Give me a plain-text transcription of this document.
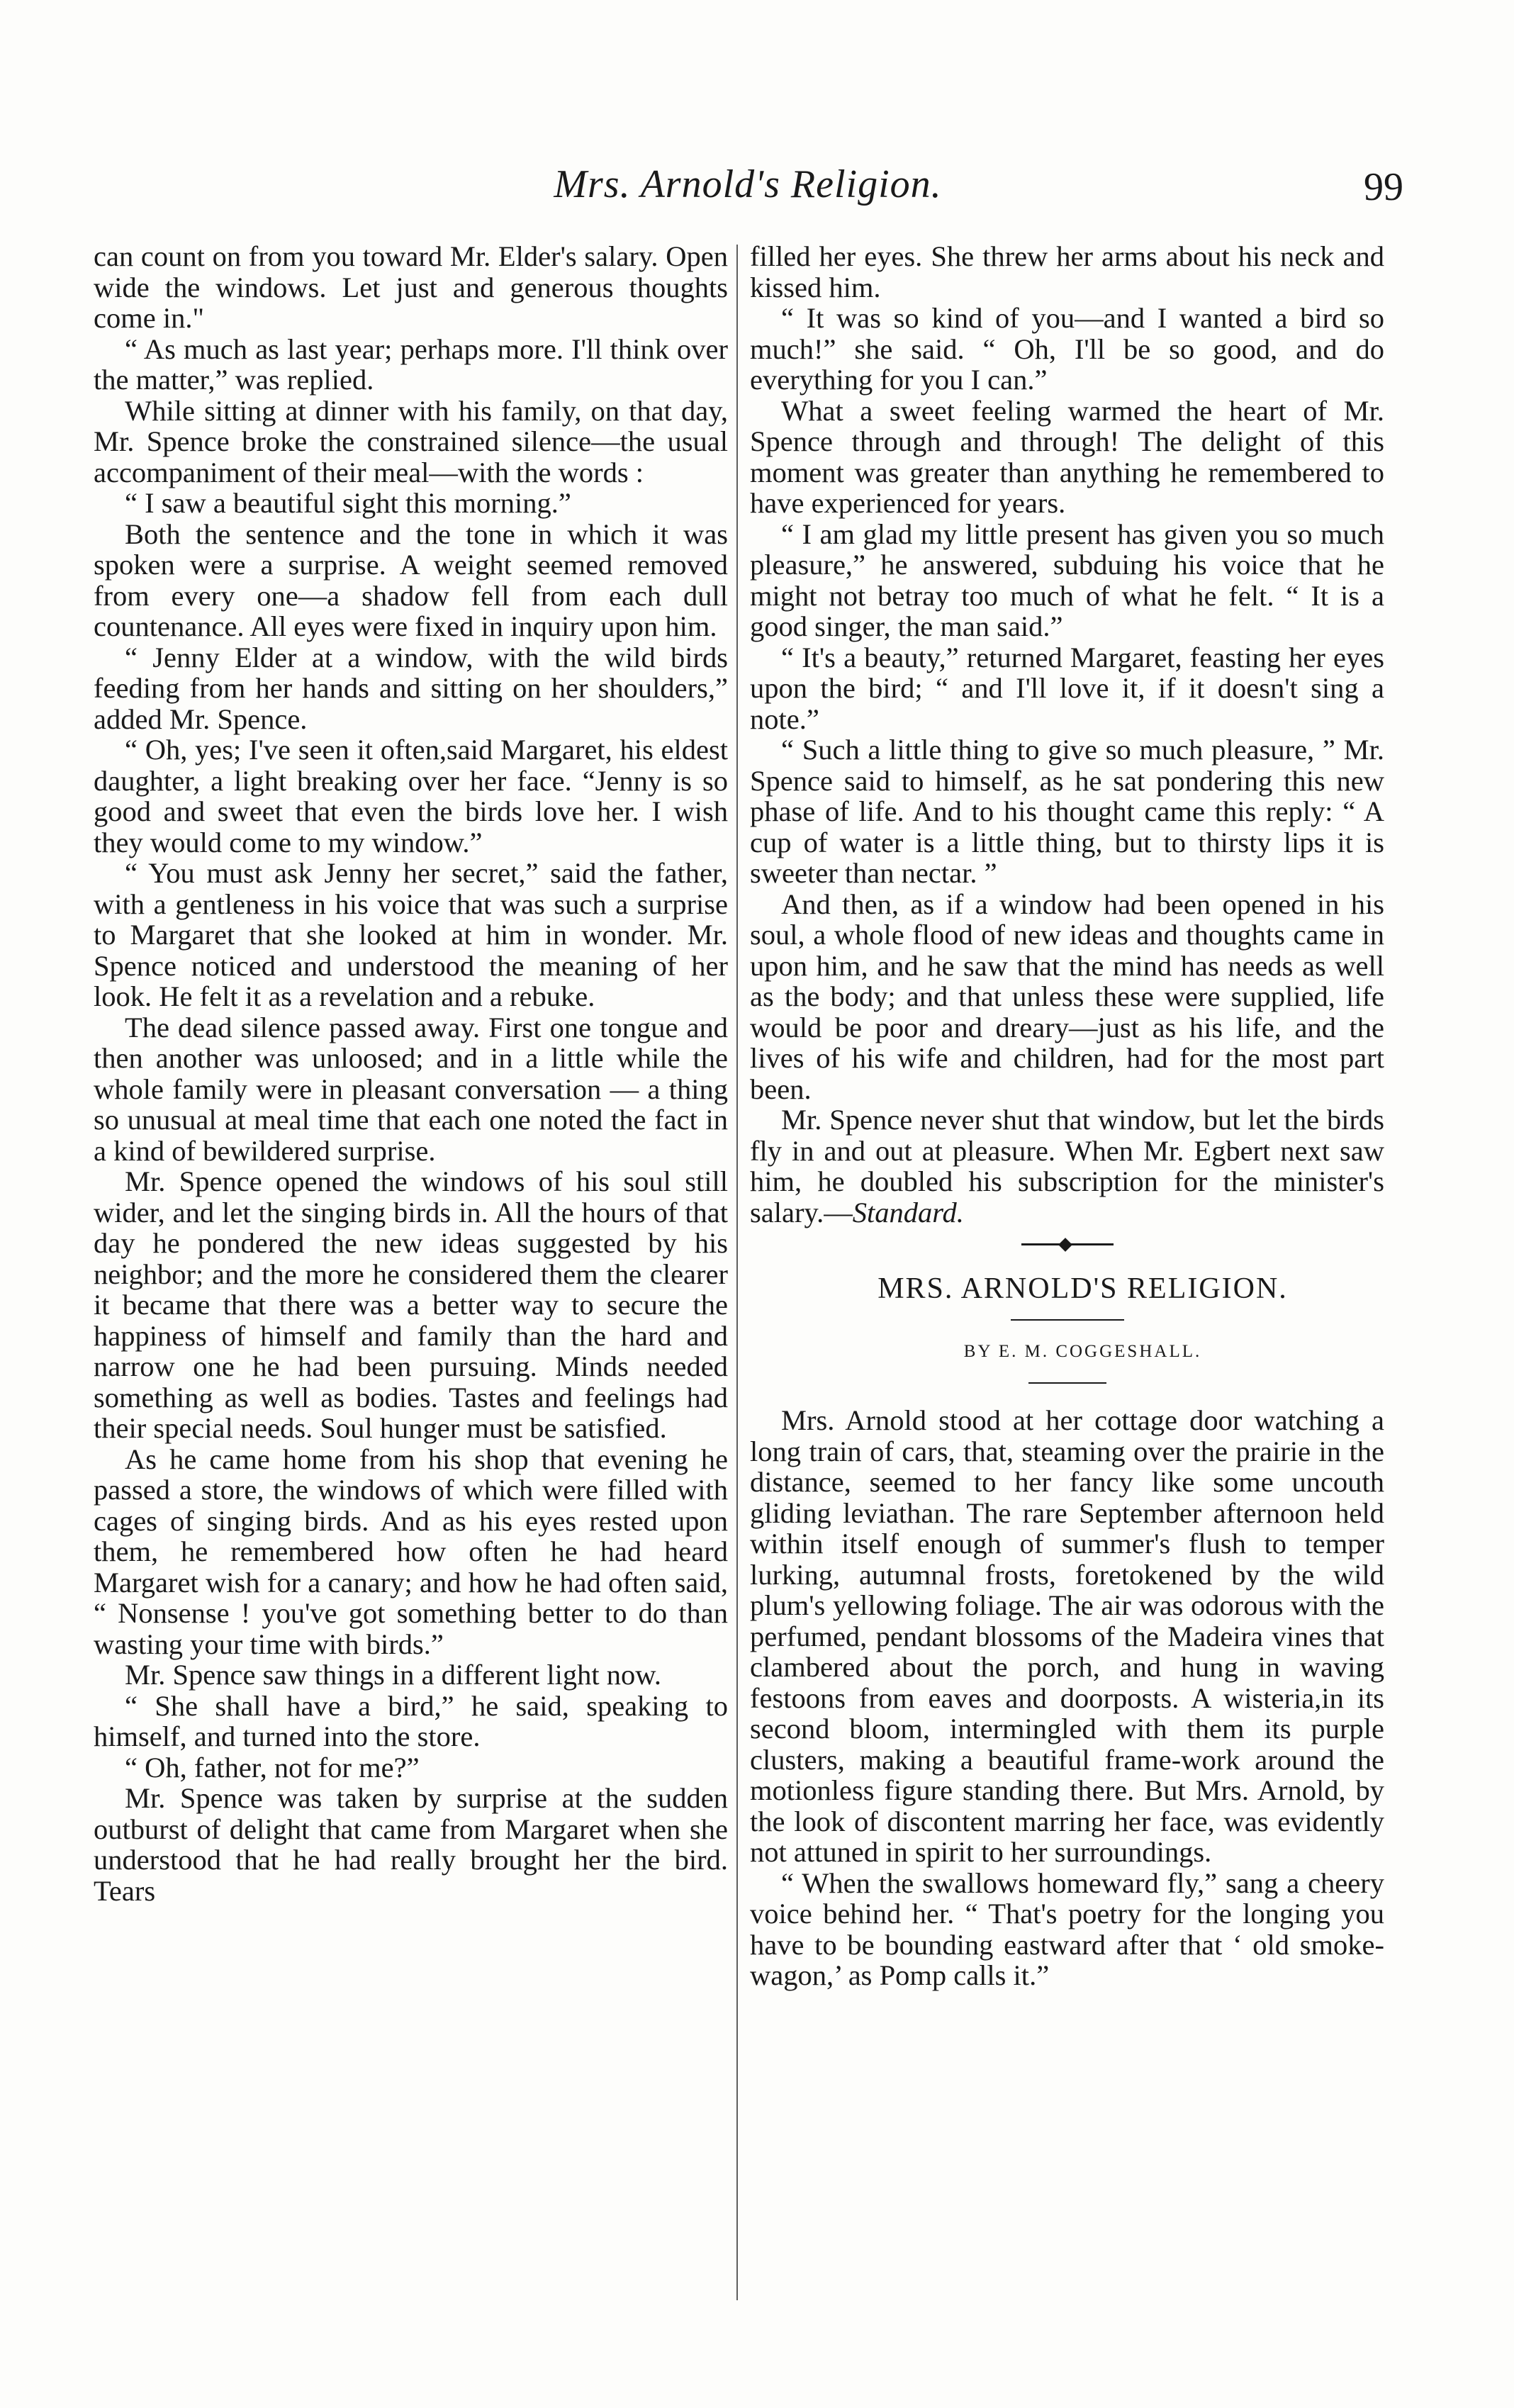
Mrs. Arnold's Religion.	99

can count on from you toward Mr. Elder's salary. Open wide the windows. Let just and generous thoughts come in."

“ As much as last year; perhaps more. I'll think over the matter,” was replied.

While sitting at dinner with his family, on that day, Mr. Spence broke the constrained silence—the usual accompaniment of their meal—with the words :

“ I saw a beautiful sight this morning.”

Both the sentence and the tone in which it was spoken were a surprise. A weight seemed removed from every one—a shadow fell from each dull countenance. All eyes were fixed in inquiry upon him.

“ Jenny Elder at a window, with the wild birds feeding from her hands and sitting on her shoulders,” added Mr. Spence.

“ Oh, yes; I've seen it often,said Margaret, his eldest daughter, a light breaking over her face. “Jenny is so good and sweet that even the birds love her. I wish they would come to my window.”

“ You must ask Jenny her secret,” said the father, with a gentleness in his voice that was such a surprise to Margaret that she looked at him in wonder. Mr. Spence noticed and understood the meaning of her look. He felt it as a revelation and a rebuke.

The dead silence passed away. First one tongue and then another was unloosed; and in a little while the whole family were in pleasant conversation — a thing so unusual at meal time that each one noted the fact in a kind of bewildered surprise.

Mr. Spence opened the windows of his soul still wider, and let the singing birds in. All the hours of that day he pondered the new ideas suggested by his neighbor; and the more he considered them the clearer it became that there was a better way to secure the happiness of himself and family than the hard and narrow one he had been pursuing. Minds needed something as well as bodies. Tastes and feelings had their special needs. Soul hunger must be satisfied.

As he came home from his shop that evening he passed a store, the windows of which were filled with cages of singing birds. And as his eyes rested upon them, he remembered how often he had heard Margaret wish for a canary; and how he had often said, “ Nonsense ! you've got something better to do than wasting your time with birds.”

Mr. Spence saw things in a different light now.

“ She shall have a bird,” he said, speaking to himself, and turned into the store.

“ Oh, father, not for me?”

Mr. Spence was taken by surprise at the sudden outburst of delight that came from Margaret when she understood that he had really brought her the bird. Tears

filled her eyes. She threw her arms about his neck and kissed him.

“ It was so kind of you—and I wanted a bird so much!” she said. “ Oh, I'll be so good, and do everything for you I can.”

What a sweet feeling warmed the heart of Mr. Spence through and through! The delight of this moment was greater than anything he remembered to have experienced for years.

“ I am glad my little present has given you so much pleasure,” he answered, subduing his voice that he might not betray too much of what he felt. “ It is a good singer, the man said.”

“ It's a beauty,” returned Margaret, feasting her eyes upon the bird; “ and I'll love it, if it doesn't sing a note.”

“ Such a little thing to give so much pleasure, ” Mr. Spence said to himself, as he sat pondering this new phase of life. And to his thought came this reply: “ A cup of water is a little thing, but to thirsty lips it is sweeter than nectar. ”

And then, as if a window had been opened in his soul, a whole flood of new ideas and thoughts came in upon him, and he saw that the mind has needs as well as the body; and that unless these were supplied, life would be poor and dreary—just as his life, and the lives of his wife and children, had for the most part been.

Mr. Spence never shut that window, but let the birds fly in and out at pleasure. When Mr. Egbert next saw him, he doubled his subscription for the minister's salary.—Standard.

MRS. ARNOLD'S RELIGION.

BY E. M. COGGESHALL.

Mrs. Arnold stood at her cottage door watching a long train of cars, that, steaming over the prairie in the distance, seemed to her fancy like some uncouth gliding leviathan. The rare September afternoon held within itself enough of summer's flush to temper lurking, autumnal frosts, foretokened by the wild plum's yellowing foliage. The air was odorous with the perfumed, pendant blossoms of the Madeira vines that clambered about the porch, and hung in waving festoons from eaves and doorposts. A wisteria,in its second bloom, intermingled with them its purple clusters, making a beautiful frame-work around the motionless figure standing there. But Mrs. Arnold, by the look of discontent marring her face, was evidently not attuned in spirit to her surroundings.

“ When the swallows homeward fly,” sang a cheery voice behind her. “ That's poetry for the longing you have to be bounding eastward after that ‘ old smoke-wagon,’ as Pomp calls it.”
